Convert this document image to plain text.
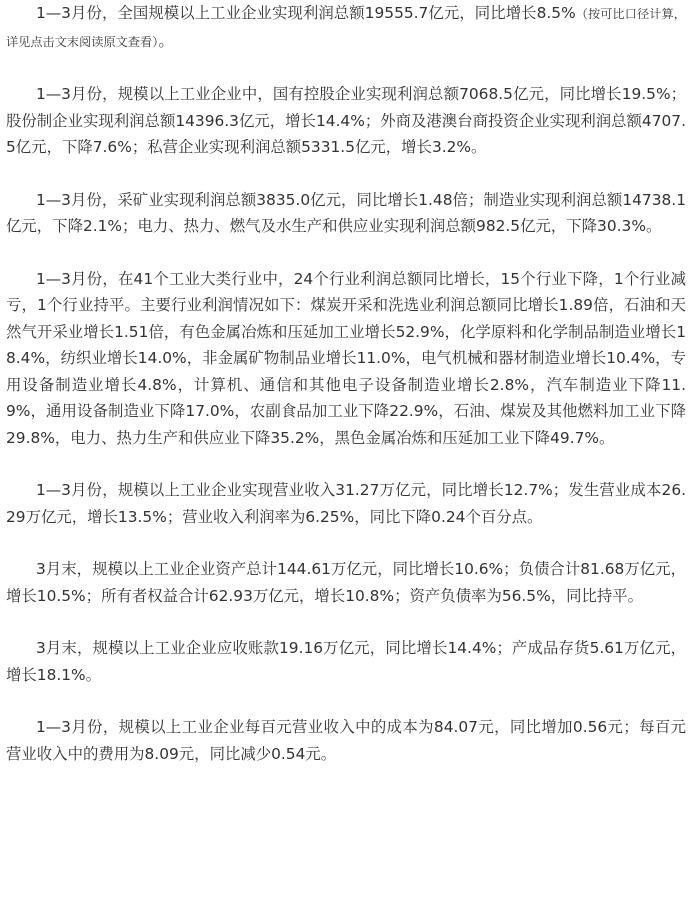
1—3月份，全国规模以上工业企业实现利润总额19555.7亿元，同比增长8.5%（按可比口径计算，详见点击文末阅读原文查看）。

1—3月份，规模以上工业企业中，国有控股企业实现利润总额7068.5亿元，同比增长19.5%；股份制企业实现利润总额14396.3亿元，增长14.4%；外商及港澳台商投资企业实现利润总额4707.5亿元，下降7.6%；私营企业实现利润总额5331.5亿元，增长3.2%。

1—3月份，采矿业实现利润总额3835.0亿元，同比增长1.48倍；制造业实现利润总额14738.1亿元，下降2.1%；电力、热力、燃气及水生产和供应业实现利润总额982.5亿元，下降30.3%。

1—3月份，在41个工业大类行业中，24个行业利润总额同比增长，15个行业下降，1个行业减亏，1个行业持平。主要行业利润情况如下：煤炭开采和洗选业利润总额同比增长1.89倍，石油和天然气开采业增长1.51倍，有色金属冶炼和压延加工业增长52.9%，化学原料和化学制品制造业增长18.4%，纺织业增长14.0%，非金属矿物制品业增长11.0%，电气机械和器材制造业增长10.4%，专用设备制造业增长4.8%，计算机、通信和其他电子设备制造业增长2.8%，汽车制造业下降11.9%，通用设备制造业下降17.0%，农副食品加工业下降22.9%，石油、煤炭及其他燃料加工业下降29.8%，电力、热力生产和供应业下降35.2%，黑色金属冶炼和压延加工业下降49.7%。

1—3月份，规模以上工业企业实现营业收入31.27万亿元，同比增长12.7%；发生营业成本26.29万亿元，增长13.5%；营业收入利润率为6.25%，同比下降0.24个百分点。

3月末，规模以上工业企业资产总计144.61万亿元，同比增长10.6%；负债合计81.68万亿元，增长10.5%；所有者权益合计62.93万亿元，增长10.8%；资产负债率为56.5%，同比持平。

3月末，规模以上工业企业应收账款19.16万亿元，同比增长14.4%；产成品存货5.61万亿元，增长18.1%。

1—3月份，规模以上工业企业每百元营业收入中的成本为84.07元，同比增加0.56元；每百元营业收入中的费用为8.09元，同比减少0.54元。
